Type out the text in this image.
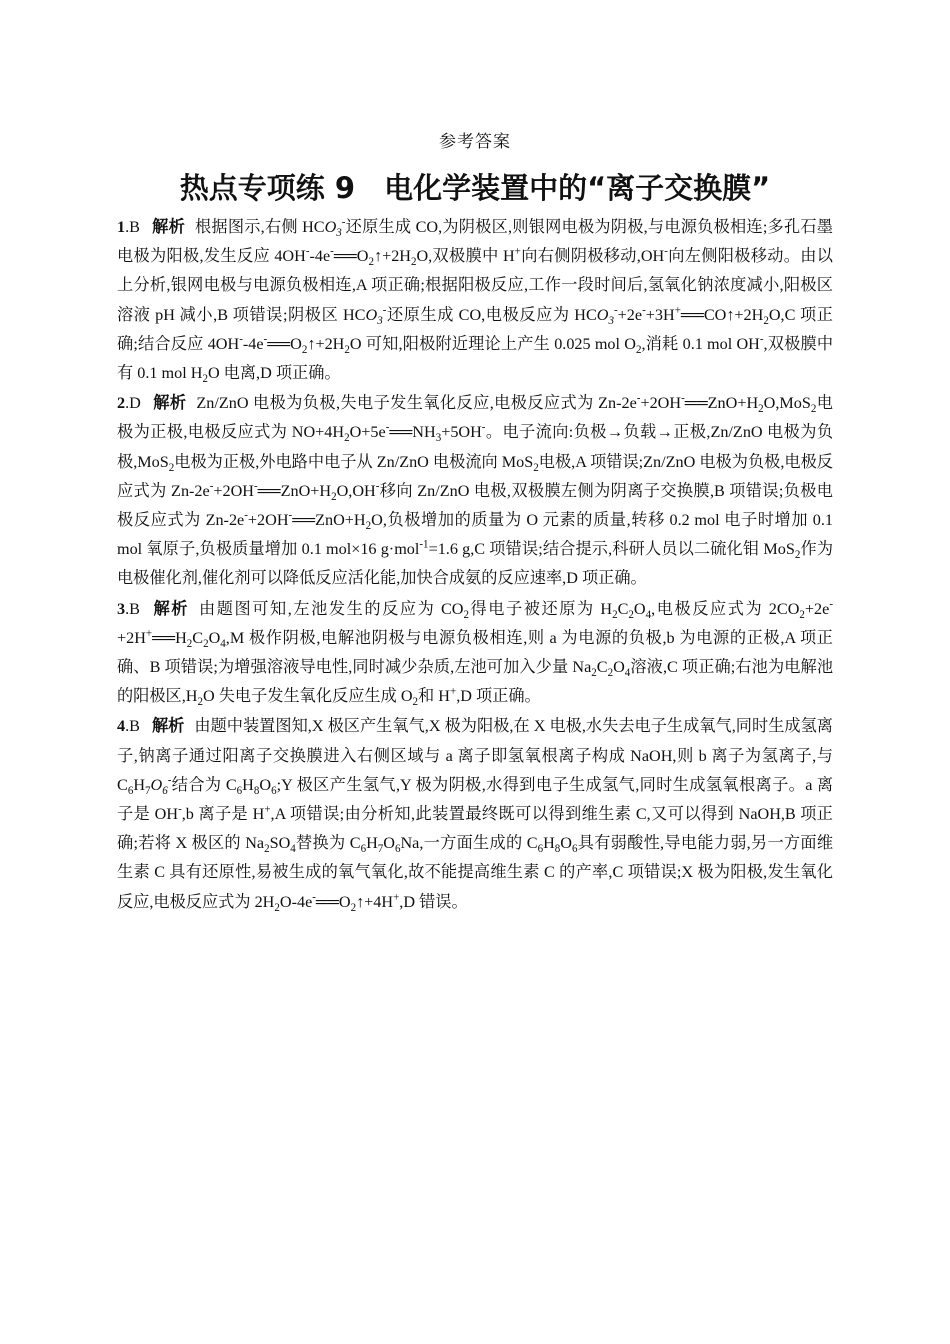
参考答案
热点专项练 9　电化学装置中的“离子交换膜”

1.B 解析 根据图示,右侧 $HCO_3^-$还原生成 CO,为阴极区,则银网电极为阴极,与电源负极相连;多孔石墨电极为阳极,发生反应 $4OH^--4e^-══O_2↑+2H_2O$,双极膜中 H+向右侧阴极移动,OH-向左侧阳极移动。由以上分析,银网电极与电源负极相连,A 项正确;根据阳极反应,工作一段时间后,氢氧化钠浓度减小,阳极区溶液 pH 减小,B 项错误;阴极区 $HCO_3^-$还原生成 CO,电极反应为 $HCO_3^-+2e^-+3H^+══CO↑+2H_2O,C$ 项正确;结合反应 $4OH^--4e^-══O_2↑+2H_2O$ 可知,阳极附近理论上产生 0.025 mol $O_2$,消耗 0.1 mol OH-,双极膜中有 0.1 mol $H_2O$ 电离,D 项正确。

2.D 解析 Zn/ZnO 电极为负极,失电子发生氧化反应,电极反应式为 $Zn-2e^-+2OH^-══ZnO+H_2O,MoS_2$电极为正极,电极反应式为 $NO+4H_2O+5e^-══NH_3+5OH^-$。电子流向:负极→负载→正极,Zn/ZnO 电极为负极,MoS$_2$电极为正极,外电路中电子从 Zn/ZnO 电极流向 MoS$_2$电极,A 项错误;Zn/ZnO 电极为负极,电极反应式为 $Zn-2e^-+2OH^-══ZnO+H_2O,OH^-$移向 Zn/ZnO 电极,双极膜左侧为阴离子交换膜,B 项错误;负极电极反应式为 $Zn-2e^-+2OH^-══ZnO+H_2O$,负极增加的质量为 O 元素的质量,转移 0.2 mol 电子时增加 0.1 mol 氧原子,负极质量增加 0.1 mol×16 g·mol$^{-1}$=1.6 g,C 项错误;结合提示,科研人员以二硫化钼 MoS$_2$作为电极催化剂,催化剂可以降低反应活化能,加快合成氨的反应速率,D 项正确。

3.B 解析 由题图可知,左池发生的反应为 $CO_2$得电子被还原为 $H_2C_2O_4$,电极反应式为 $2CO_2+2e^-+2H^+══H_2C_2O_4,M$ 极作阴极,电解池阴极与电源负极相连,则 a 为电源的负极,b 为电源的正极,A 项正确、B 项错误;为增强溶液导电性,同时减少杂质,左池可加入少量 $Na_2C_2O_4$溶液,C 项正确;右池为电解池的阳极区$,H_2O$ 失电子发生氧化反应生成 $O_2$和 H+,D 项正确。

4.B 解析 由题中装置图知,X 极区产生氧气,X 极为阳极,在 X 电极,水失去电子生成氧气,同时生成氢离子,钠离子通过阳离子交换膜进入右侧区域与 a 离子即氢氧根离子构成 NaOH,则 b 离子为氢离子,与 $C_6H_7O_6^-$结合为 $C_6H_8O_6;Y$ 极区产生氢气,Y 极为阴极,水得到电子生成氢气,同时生成氢氧根离子。a 离子是 OH-,b 离子是 H+,A 项错误;由分析知,此装置最终既可以得到维生素 C,又可以得到 NaOH,B 项正确;若将 X 极区的 $Na_2SO_4$替换为 $C_6H_7O_6Na$,一方面生成的 $C_6H_8O_6$具有弱酸性,导电能力弱,另一方面维生素 C 具有还原性,易被生成的氧气氧化,故不能提高维生素 C 的产率,C 项错误;X 极为阳极,发生氧化反应,电极反应式为 $2H_2O-4e^-══O_2↑+4H^+,D$ 错误。
